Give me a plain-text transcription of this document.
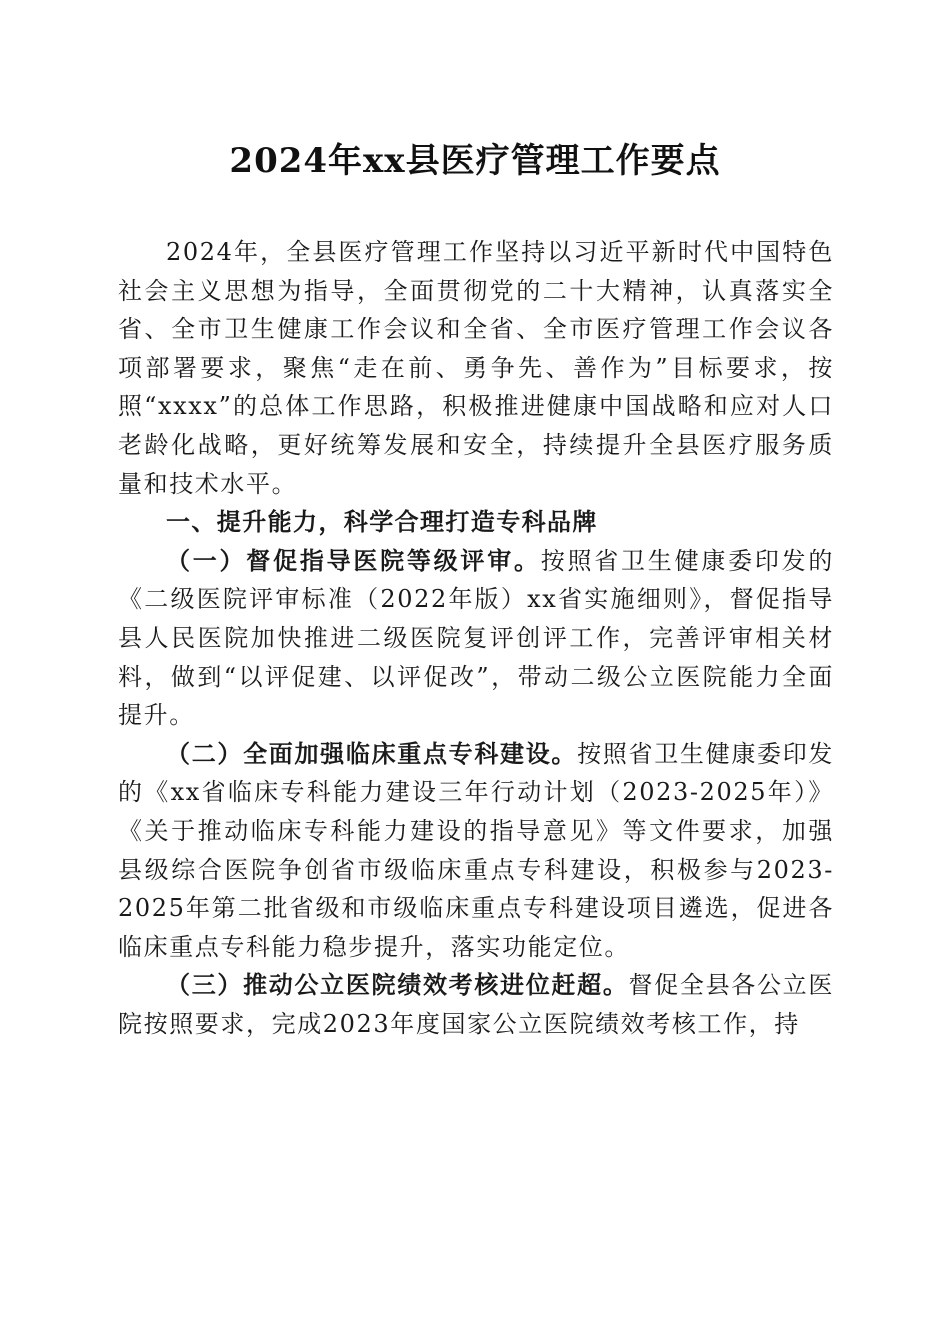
2024年xx县医疗管理工作要点

2024年，全县医疗管理工作坚持以习近平新时代中国特色社会主义思想为指导，全面贯彻党的二十大精神，认真落实全省、全市卫生健康工作会议和全省、全市医疗管理工作会议各项部署要求，聚焦“走在前、勇争先、善作为”目标要求，按照“xxxx”的总体工作思路，积极推进健康中国战略和应对人口老龄化战略，更好统筹发展和安全，持续提升全县医疗服务质量和技术水平。

一、提升能力，科学合理打造专科品牌

（一）督促指导医院等级评审。按照省卫生健康委印发的《二级医院评审标准（2022年版）xx省实施细则》，督促指导县人民医院加快推进二级医院复评创评工作，完善评审相关材料，做到“以评促建、以评促改”，带动二级公立医院能力全面提升。

（二）全面加强临床重点专科建设。按照省卫生健康委印发的《xx省临床专科能力建设三年行动计划（2023-2025年）》《关于推动临床专科能力建设的指导意见》等文件要求，加强县级综合医院争创省市级临床重点专科建设，积极参与2023-2025年第二批省级和市级临床重点专科建设项目遴选，促进各临床重点专科能力稳步提升，落实功能定位。

（三）推动公立医院绩效考核进位赶超。督促全县各公立医院按照要求，完成2023年度国家公立医院绩效考核工作，持
